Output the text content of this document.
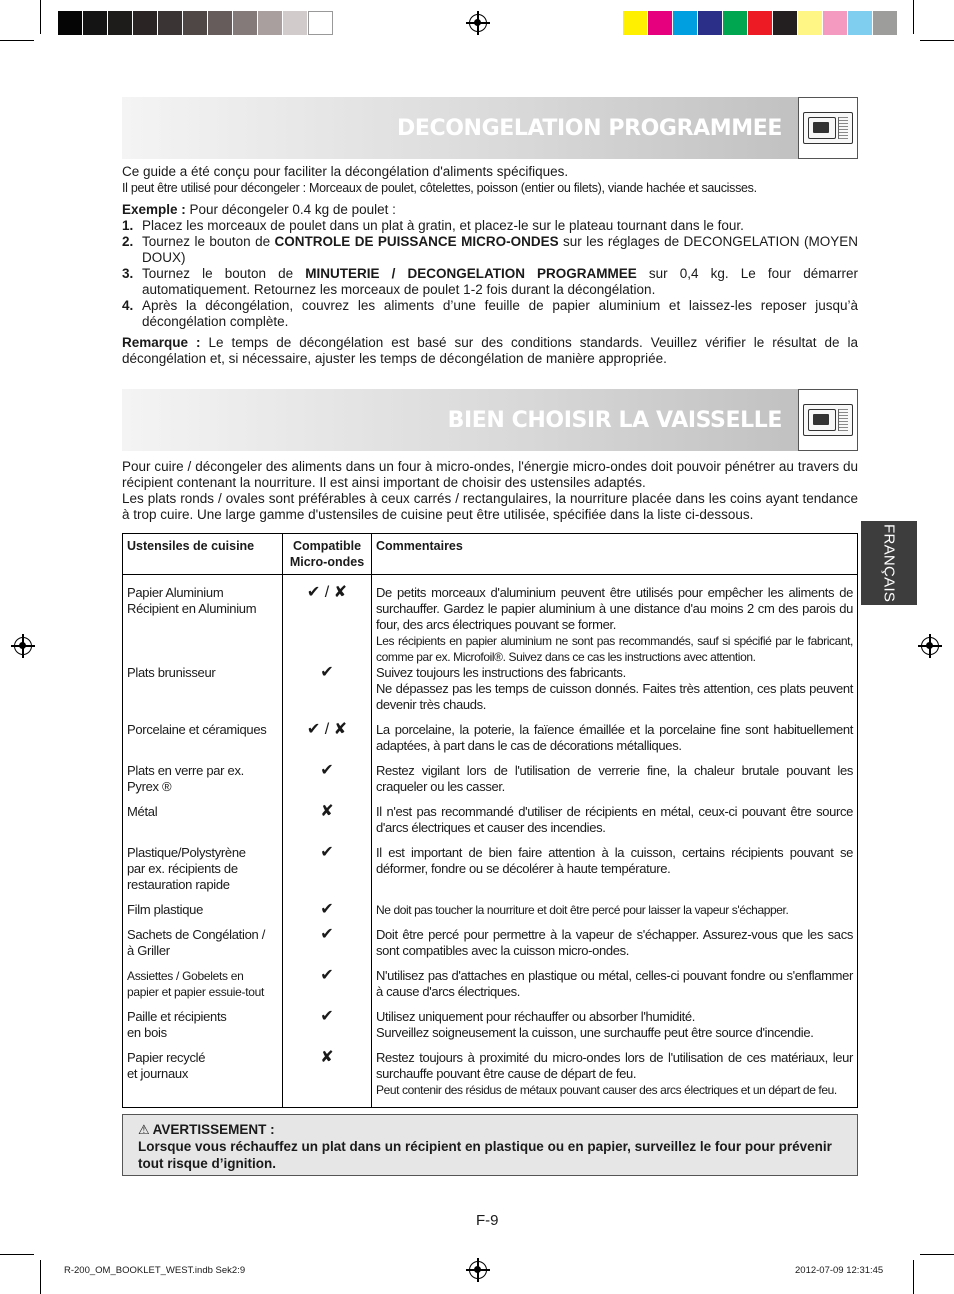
DECONGELATION PROGRAMMEE
Ce guide a été conçu pour faciliter la décongélation d'aliments spécifiques.
Il peut être utilisé pour décongeler : Morceaux de poulet, côtelettes, poisson (entier ou filets), viande hachée et saucisses.
Exemple : Pour décongeler 0.4 kg de poulet :
1. Placez les morceaux de poulet dans un plat à gratin, et placez-le sur le plateau tournant dans le four.
2. Tournez le bouton de CONTROLE DE PUISSANCE MICRO-ONDES sur les réglages de DECONGELATION (MOYEN DOUX)
3. Tournez le bouton de MINUTERIE / DECONGELATION PROGRAMMEE sur 0,4 kg. Le four démarrer automatiquement. Retournez les morceaux de poulet 1-2 fois durant la décongélation.
4. Après la décongélation, couvrez les aliments d’une feuille de papier aluminium et laissez-les reposer jusqu’à décongélation complète.
Remarque : Le temps de décongélation est basé sur des conditions standards. Veuillez vérifier le résultat de la décongélation et, si nécessaire, ajuster les temps de décongélation de manière appropriée.
BIEN CHOISIR LA VAISSELLE
Pour cuire / décongeler des aliments dans un four à micro-ondes, l'énergie micro-ondes doit pouvoir pénétrer au travers du récipient contenant la nourriture. Il est ainsi important de choisir des ustensiles adaptés.
Les plats ronds / ovales sont préférables à ceux carrés / rectangulaires, la nourriture placée dans les coins ayant tendance à trop cuire. Une large gamme d'ustensiles de cuisine peut être utilisée, spécifiée dans la liste ci-dessous.
FRANÇAIS
Ustensiles de cuisine	Compatible Micro-ondes	Commentaires
Papier Aluminium
Récipient en Aluminium	✔ / ✘	De petits morceaux d'aluminium peuvent être utilisés pour empêcher les aliments de surchauffer. Gardez le papier aluminium à une distance d'au moins 2 cm des parois du four, des arcs électriques pouvant se former.
Les récipients en papier aluminium ne sont pas recommandés, sauf si spécifié par le fabricant, comme par ex. Microfoil®. Suivez dans ce cas les instructions avec attention.

Plats brunisseur	✔	Suivez toujours les instructions des fabricants.
Ne dépassez pas les temps de cuisson donnés. Faites très attention, ces plats peuvent devenir très chauds.
Porcelaine et céramiques	✔ / ✘	La porcelaine, la poterie, la faïence émaillée et la porcelaine fine sont habituellement adaptées, à part dans le cas de décorations métalliques.
Plats en verre par ex.
Pyrex ®	✔	Restez vigilant lors de l'utilisation de verrerie fine, la chaleur brutale pouvant les craqueler ou les casser.
Métal	✘	Il n'est pas recommandé d'utiliser de récipients en métal, ceux-ci pouvant être source d'arcs électriques et causer des incendies.
Plastique/Polystyrène
par ex. récipients de
restauration rapide	✔	Il est important de bien faire attention à la cuisson, certains récipients pouvant se déformer, fondre ou se décolérer à haute température.
Film plastique	✔	Ne doit pas toucher la nourriture et doit être percé pour laisser la vapeur s'échapper.

Sachets de Congélation /
à Griller	✔	Doit être percé pour permettre à la vapeur de s'échapper. Assurez-vous que les sacs sont compatibles avec la cuisson micro-ondes.
Assiettes / Gobelets en
papier et papier essuie-tout	✔	N'utilisez pas d'attaches en plastique ou métal, celles-ci pouvant fondre ou s'enflammer à cause d'arcs électriques.
Paille et récipients
en bois	✔	Utilisez uniquement pour réchauffer ou absorber l'humidité.
Surveillez soigneusement la cuisson, une surchauffe peut être source d'incendie.
Papier recyclé
et journaux	✘	Restez toujours à proximité du micro-ondes lors de l'utilisation de ces matériaux, leur surchauffe pouvant être cause de départ de feu.
Peut contenir des résidus de métaux pouvant causer des arcs électriques et un départ de feu.
⚠ AVERTISSEMENT :
Lorsque vous réchauffez un plat dans un récipient en plastique ou en papier, surveillez le four pour prévenir tout risque d’ignition.
F-9
R-200_OM_BOOKLET_WEST.indb Sek2:9	2012-07-09 12:31:45
